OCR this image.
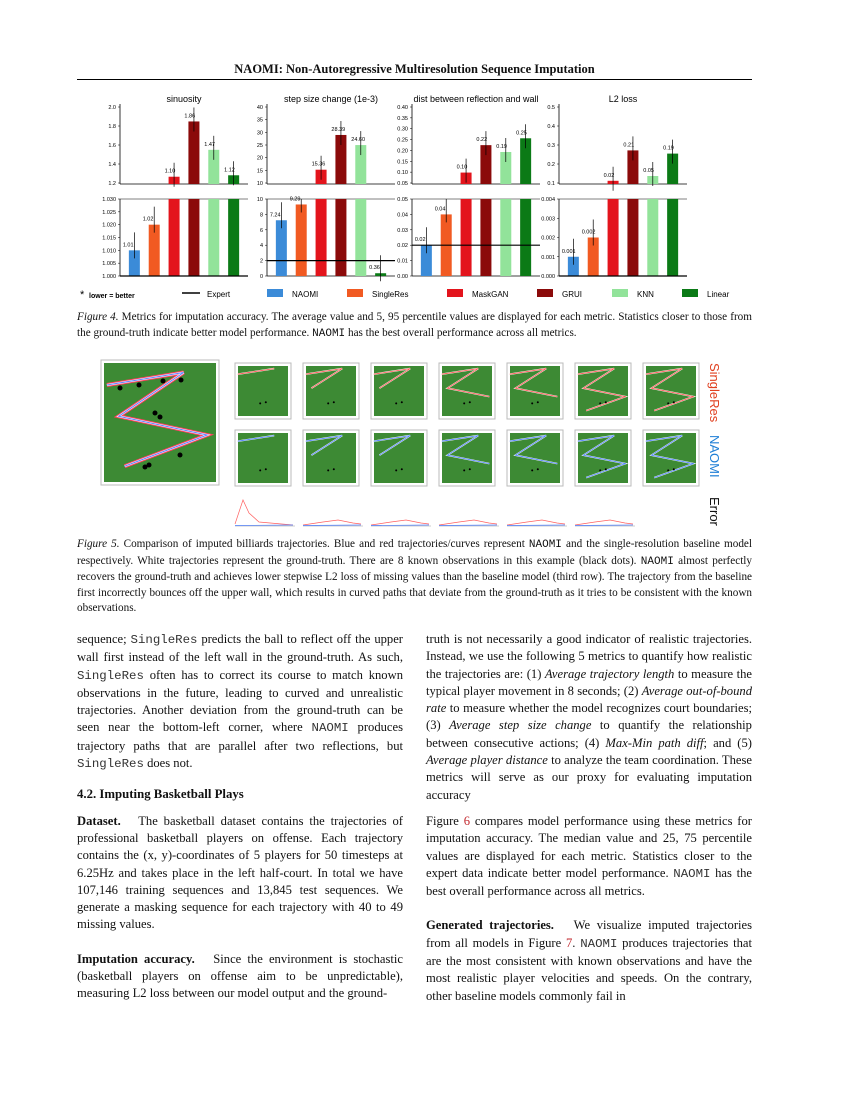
NAOMI: Non-Autoregressive Multiresolution Sequence Imputation
sinuosity
2.0
1.8
1.6
1.4
1.2
1.030
1.025
1.020
1.015
1.010
1.005
1.000
1.01
1.02
1.10
1.86
1.47
1.12
step size change (1e-3)
40
35
30
25
20
15
10
10
8
6
4
2
0
7.24
9.29
15.36
28.39
24.60
0.36
dist between reflection and wall
0.40
0.35
0.30
0.25
0.20
0.15
0.10
0.05
0.05
0.04
0.03
0.02
0.01
0.00
0.02
0.04
0.10
0.22
0.19
0.25
L2 loss
0.5
0.4
0.3
0.2
0.1
0.004
0.003
0.002
0.001
0.000
0.001
0.002
0.02
0.21
0.05
0.19
* lower = better	Expert	NAOMI	SingleRes	MaskGAN	GRUI	KNN	Linear
Figure 4. Metrics for imputation accuracy. The average value and 5, 95 percentile values are displayed for each metric. Statistics closer to those from the ground-truth indicate better model performance. NAOMI has the best overall performance across all metrics.
SingleRes
NAOMI
Error
Figure 5. Comparison of imputed billiards trajectories. Blue and red trajectories/curves represent NAOMI and the single-resolution baseline model respectively. White trajectories represent the ground-truth. There are 8 known observations in this example (black dots). NAOMI almost perfectly recovers the ground-truth and achieves lower stepwise L2 loss of missing values than the baseline model (third row). The trajectory from the baseline first incorrectly bounces off the upper wall, which results in curved paths that deviate from the ground-truth as it tries to be consistent with the known observations.

sequence; SingleRes predicts the ball to reflect off the upper wall first instead of the left wall in the ground-truth. As such, SingleRes often has to correct its course to match known observations in the future, leading to curved and unrealistic trajectories. Another deviation from the ground-truth can be seen near the bottom-left corner, where NAOMI produces trajectory paths that are parallel after two reflections, but SingleRes does not.

4.2. Imputing Basketball Plays

Dataset. The basketball dataset contains the trajectories of professional basketball players on offense. Each trajectory contains the (x, y)-coordinates of 5 players for 50 timesteps at 6.25Hz and takes place in the left half-court. In total we have 107,146 training sequences and 13,845 test sequences. We generate a masking sequence for each trajectory with 40 to 49 missing values.

Imputation accuracy. Since the environment is stochastic (basketball players on offense aim to be unpredictable), measuring L2 loss between our model output and the ground-

truth is not necessarily a good indicator of realistic trajectories. Instead, we use the following 5 metrics to quantify how realistic the trajectories are: (1) Average trajectory length to measure the typical player movement in 8 seconds; (2) Average out-of-bound rate to measure whether the model recognizes court boundaries; (3) Average step size change to quantify the relationship between consecutive actions; (4) Max-Min path diff; and (5) Average player distance to analyze the team coordination. These metrics will serve as our proxy for evaluating imputation accuracy

Figure 6 compares model performance using these metrics for imputation accuracy. The median value and 25, 75 percentile values are displayed for each metric. Statistics closer to the expert data indicate better model performance. NAOMI has the best overall performance across all metrics.

Generated trajectories. We visualize imputed trajectories from all models in Figure 7. NAOMI produces trajectories that are the most consistent with known observations and have the most realistic player velocities and speeds. On the contrary, other baseline models commonly fail in
